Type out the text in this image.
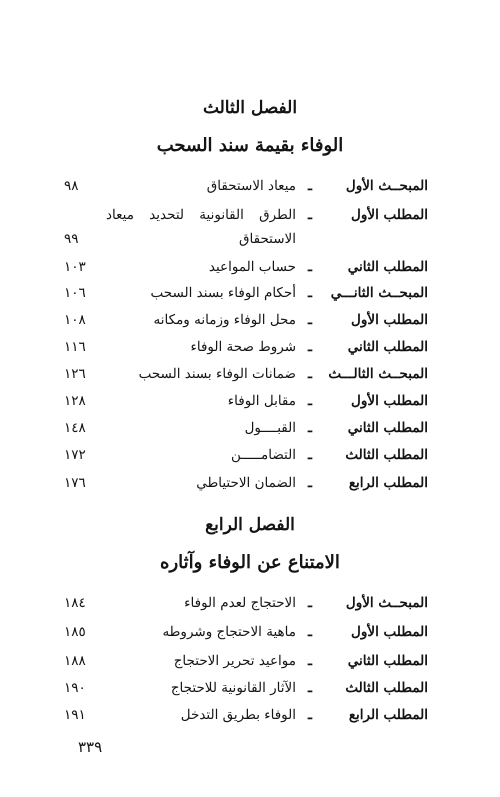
الفصل الثالث
الوفاء بقيمة سند السحب
المبحــث الأول
ـ
ميعاد الاستحقاق
٩٨
المطلب الأول
ـ
الطرق القانونية لتحديد ميعاد الاستحقاق
٩٩
المطلب الثاني
ـ
حساب المواعيد
١٠٣
المبحــث الثانـــي
ـ
أحكام الوفاء بسند السحب
١٠٦
المطلب الأول
ـ
محل الوفاء وزمانه ومكانه
١٠٨
المطلب الثاني
ـ
شروط صحة الوفاء
١١٦
المبحــث الثالـــث
ـ
ضمانات الوفاء بسند السحب
١٢٦
المطلب الأول
ـ
مقابل الوفاء
١٢٨
المطلب الثاني
ـ
القبــــول
١٤٨
المطلب الثالث
ـ
التضامـــــن
١٧٢
المطلب الرابع
ـ
الضمان الاحتياطي
١٧٦
الفصل الرابع
الامتناع عن الوفاء وآثاره
المبحــث الأول
ـ
الاحتجاج لعدم الوفاء
١٨٤
المطلب الأول
ـ
ماهية الاحتجاج وشروطه
١٨٥
المطلب الثاني
ـ
مواعيد تحرير الاحتجاج
١٨٨
المطلب الثالث
ـ
الآثار القانونية للاحتجاج
١٩٠
المطلب الرابع
ـ
الوفاء بطريق التدخل
١٩١
٣٣٩
